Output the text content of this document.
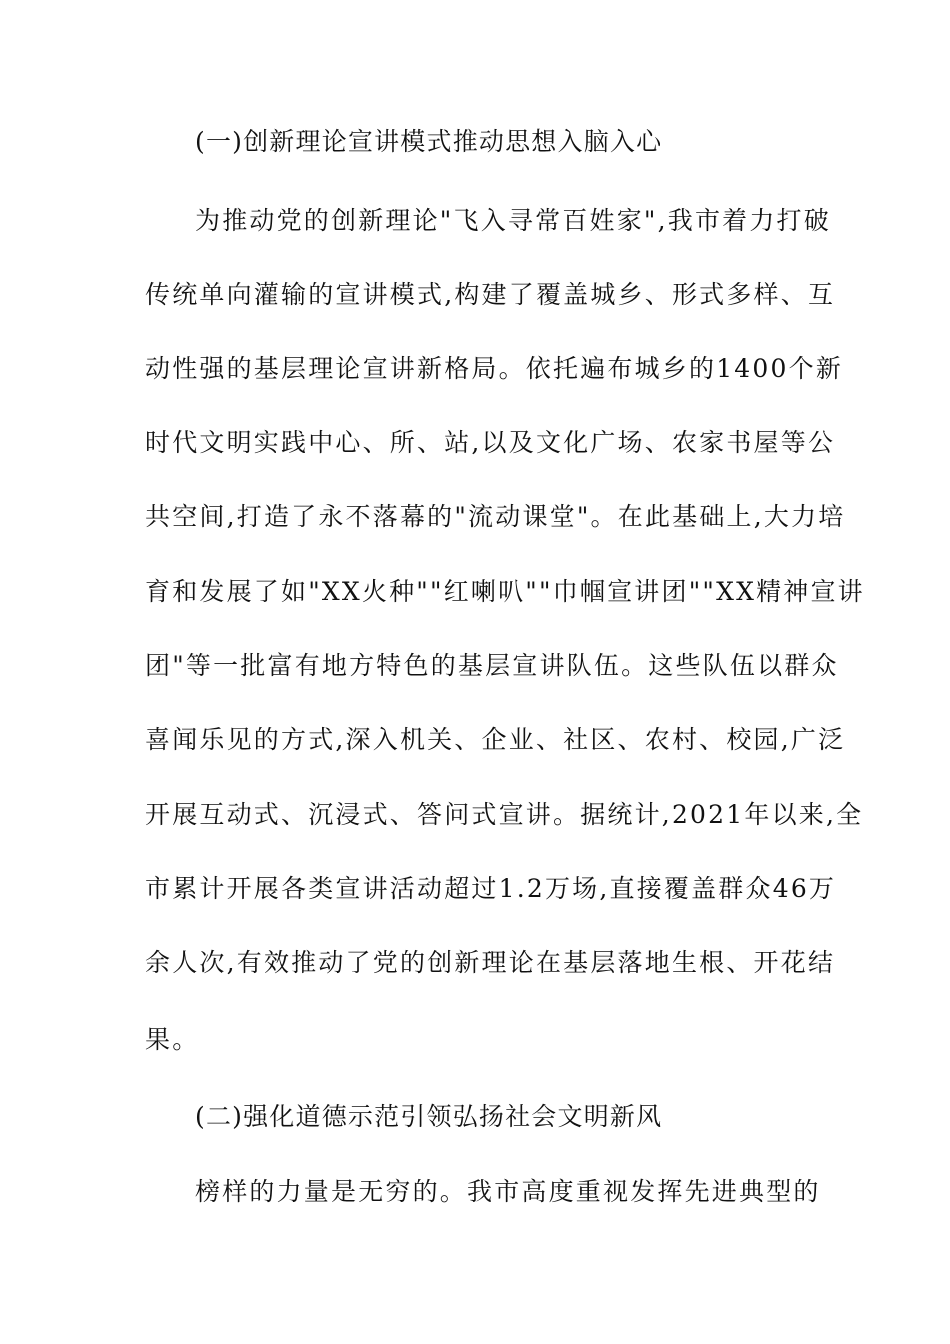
(一)创新理论宣讲模式推动思想入脑入心
为推动党的创新理论"飞入寻常百姓家",我市着力打破
传统单向灌输的宣讲模式,构建了覆盖城乡、形式多样、互
动性强的基层理论宣讲新格局。依托遍布城乡的1400个新
时代文明实践中心、所、站,以及文化广场、农家书屋等公
共空间,打造了永不落幕的"流动课堂"。在此基础上,大力培
育和发展了如"XX火种""红喇叭""巾帼宣讲团""XX精神宣讲
团"等一批富有地方特色的基层宣讲队伍。这些队伍以群众
喜闻乐见的方式,深入机关、企业、社区、农村、校园,广泛
开展互动式、沉浸式、答问式宣讲。据统计,2021年以来,全
市累计开展各类宣讲活动超过1.2万场,直接覆盖群众46万
余人次,有效推动了党的创新理论在基层落地生根、开花结
果。
(二)强化道德示范引领弘扬社会文明新风
榜样的力量是无穷的。我市高度重视发挥先进典型的
